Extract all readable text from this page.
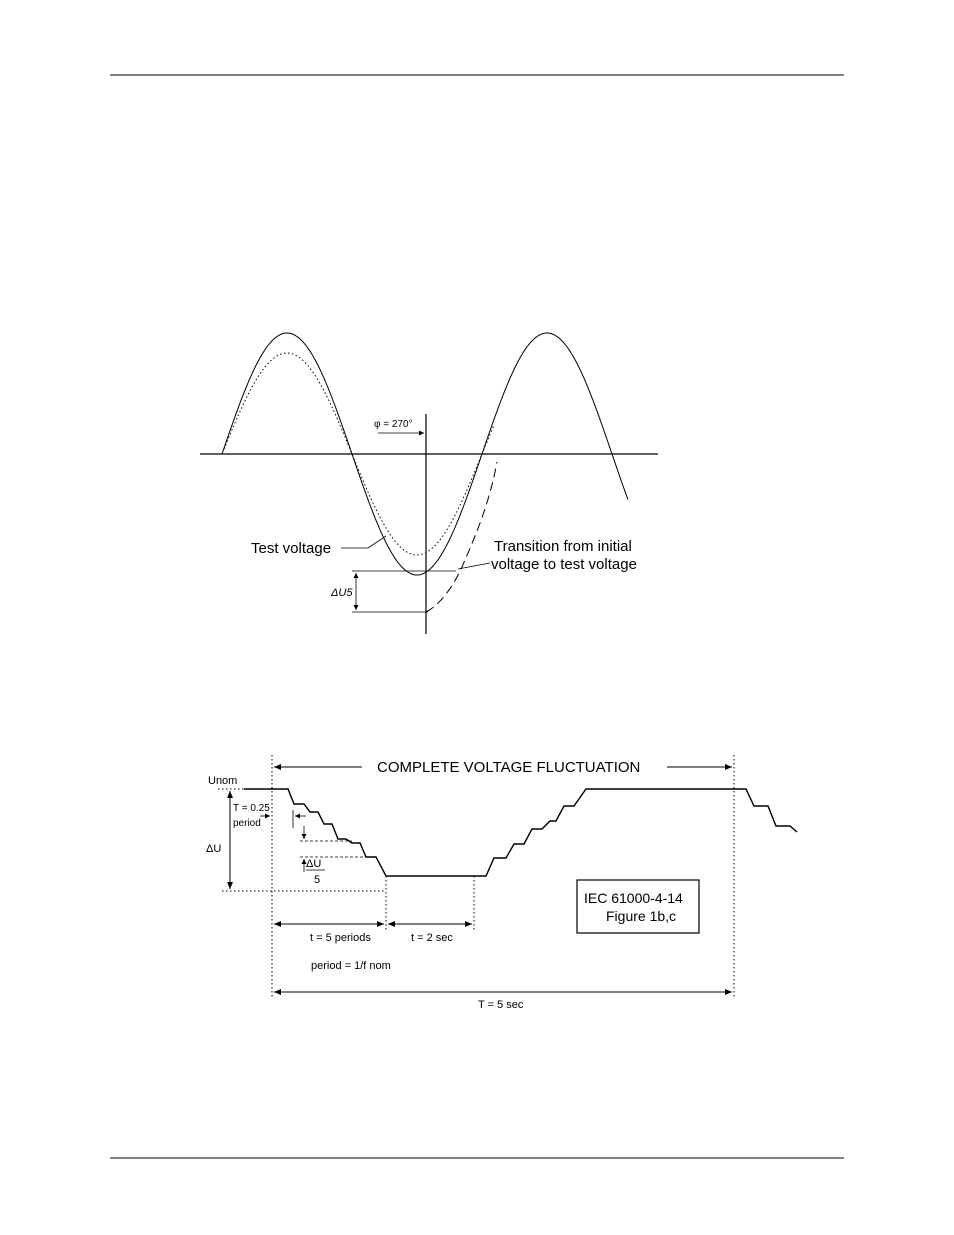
φ = 270°
ΔU5
Test voltage	Transition from initial
voltage to test voltage
COMPLETE VOLTAGE FLUCTUATION
Unom
ΔU
T = 0.25
period
ΔU
5
t = 5 periods	t = 2 sec
period = 1/f nom
T = 5 sec
IEC 61000-4-14
Figure 1b,c
